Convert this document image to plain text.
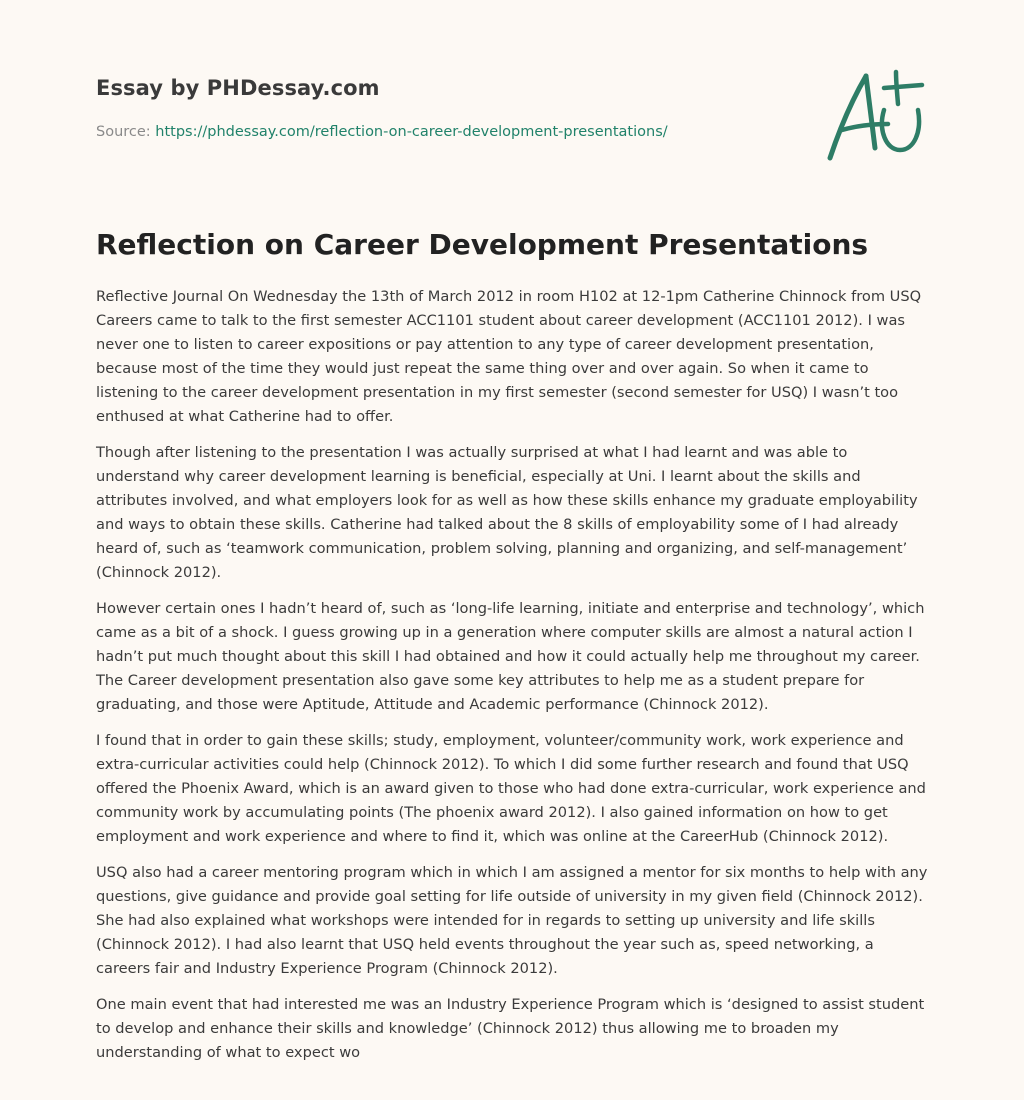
Essay by PHDessay.com
Source: https://phdessay.com/reflection-on-career-development-presentations/
Reflection on Career Development Presentations

Reflective Journal On Wednesday the 13th of March 2012 in room H102 at 12-1pm Catherine Chinnock from USQ Careers came to talk to the first semester ACC1101 student about career development (ACC1101 2012). I was never one to listen to career expositions or pay attention to any type of career development presentation, because most of the time they would just repeat the same thing over and over again. So when it came to listening to the career development presentation in my first semester (second semester for USQ) I wasn’t too enthused at what Catherine had to offer.

Though after listening to the presentation I was actually surprised at what I had learnt and was able to understand why career development learning is beneficial, especially at Uni. I learnt about the skills and attributes involved, and what employers look for as well as how these skills enhance my graduate employability and ways to obtain these skills. Catherine had talked about the 8 skills of employability some of I had already heard of, such as ‘teamwork communication, problem solving, planning and organizing, and self-management’ (Chinnock 2012).

However certain ones I hadn’t heard of, such as ‘long-life learning, initiate and enterprise and technology’, which came as a bit of a shock. I guess growing up in a generation where computer skills are almost a natural action I hadn’t put much thought about this skill I had obtained and how it could actually help me throughout my career. The Career development presentation also gave some key attributes to help me as a student prepare for graduating, and those were Aptitude, Attitude and Academic performance (Chinnock 2012).

I found that in order to gain these skills; study, employment, volunteer/community work, work experience and extra-curricular activities could help (Chinnock 2012). To which I did some further research and found that USQ offered the Phoenix Award, which is an award given to those who had done extra-curricular, work experience and community work by accumulating points (The phoenix award 2012). I also gained information on how to get employment and work experience and where to find it, which was online at the CareerHub (Chinnock 2012).

USQ also had a career mentoring program which in which I am assigned a mentor for six months to help with any questions, give guidance and provide goal setting for life outside of university in my given field (Chinnock 2012). She had also explained what workshops were intended for in regards to setting up university and life skills (Chinnock 2012). I had also learnt that USQ held events throughout the year such as, speed networking, a careers fair and Industry Experience Program (Chinnock 2012).

One main event that had interested me was an Industry Experience Program which is ‘designed to assist student to develop and enhance their skills and knowledge’ (Chinnock 2012) thus allowing me to broaden my understanding of what to expect wo
